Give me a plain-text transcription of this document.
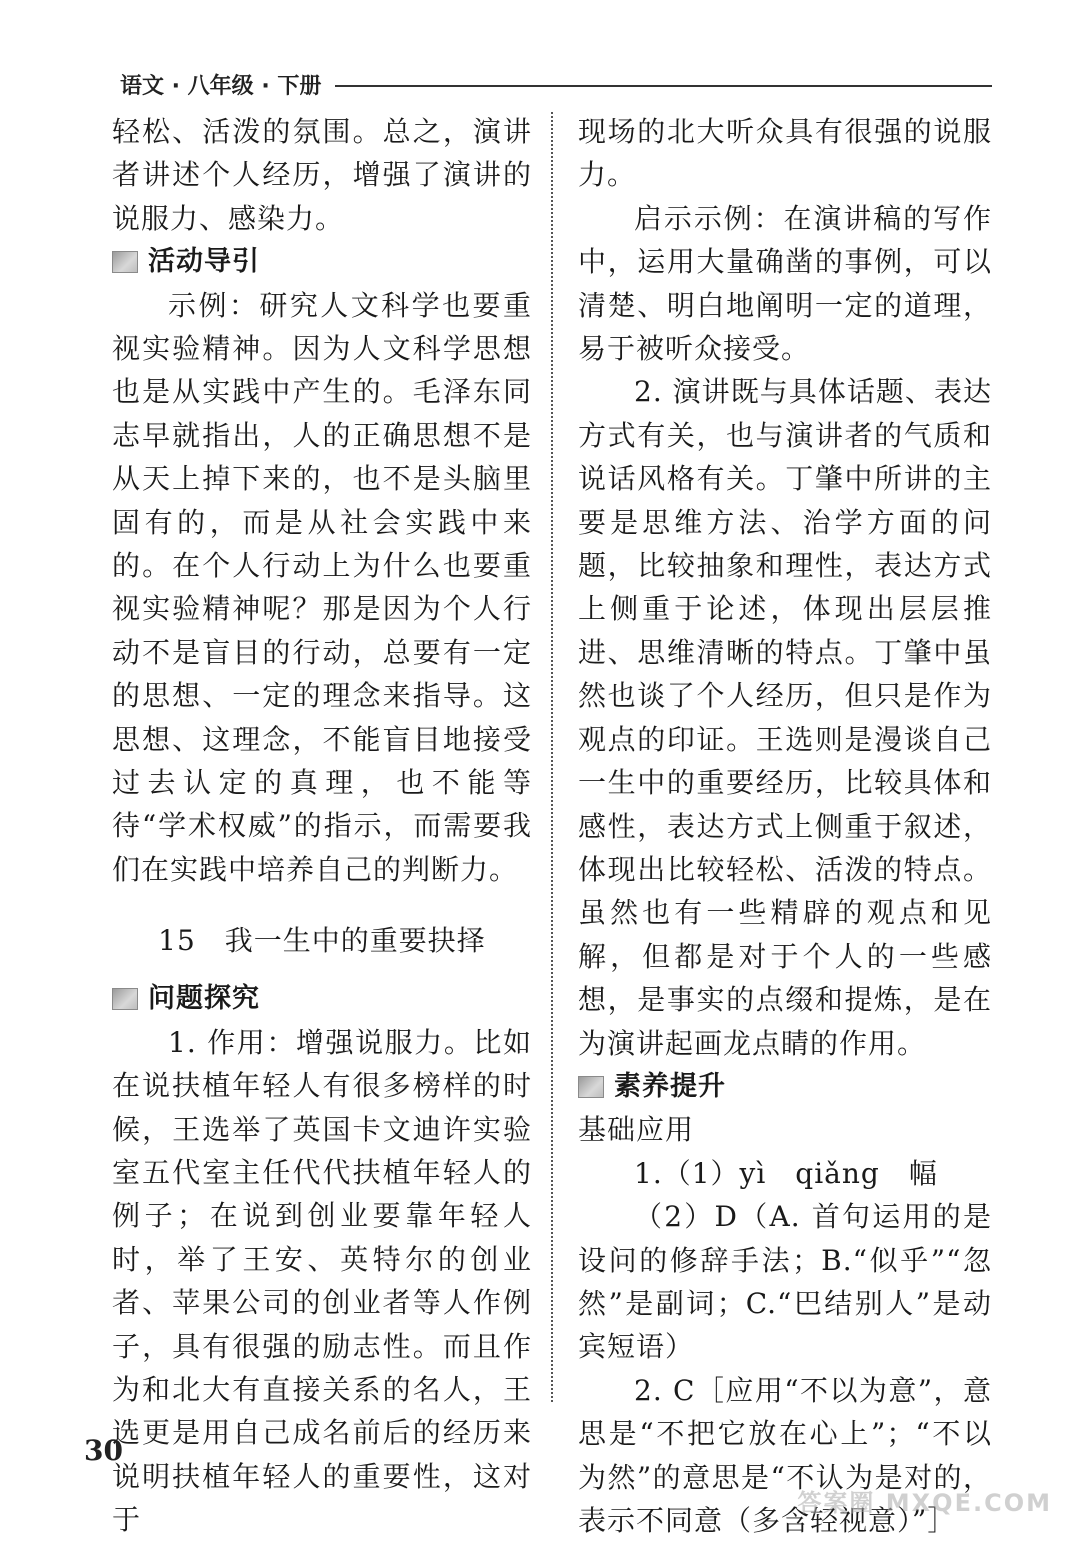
语文 · 八年级 · 下册

轻松、活泼的氛围。总之，演讲者讲述个人经历，增强了演讲的说服力、感染力。

活动导引

示例：研究人文科学也要重视实验精神。因为人文科学思想也是从实践中产生的。毛泽东同志早就指出，人的正确思想不是从天上掉下来的，也不是头脑里固有的，而是从社会实践中来的。在个人行动上为什么也要重视实验精神呢？那是因为个人行动不是盲目的行动，总要有一定的思想、一定的理念来指导。这思想、这理念，不能盲目地接受过去认定的真理，也不能等待“学术权威”的指示，而需要我们在实践中培养自己的判断力。

15　我一生中的重要抉择
问题探究

1. 作用：增强说服力。比如在说扶植年轻人有很多榜样的时候，王选举了英国卡文迪许实验室五代室主任代代扶植年轻人的例子；在说到创业要靠年轻人时，举了王安、英特尔的创业者、苹果公司的创业者等人作例子，具有很强的励志性。而且作为和北大有直接关系的名人，王选更是用自己成名前后的经历来说明扶植年轻人的重要性，这对于

现场的北大听众具有很强的说服力。

启示示例：在演讲稿的写作中，运用大量确凿的事例，可以清楚、明白地阐明一定的道理，易于被听众接受。

2. 演讲既与具体话题、表达方式有关，也与演讲者的气质和说话风格有关。丁肇中所讲的主要是思维方法、治学方面的问题，比较抽象和理性，表达方式上侧重于论述，体现出层层推进、思维清晰的特点。丁肇中虽然也谈了个人经历，但只是作为观点的印证。王选则是漫谈自己一生中的重要经历，比较具体和感性，表达方式上侧重于叙述，体现出比较轻松、活泼的特点。虽然也有一些精辟的观点和见解，但都是对于个人的一些感想，是事实的点缀和提炼，是在为演讲起画龙点睛的作用。

素养提升

基础应用

1.（1）yì　qiǎng　幅

（2）D（A. 首句运用的是设问的修辞手法；B.“似乎”“忽然”是副词；C.“巴结别人”是动宾短语）

2. C［应用“不以为意”，意思是“不把它放在心上”；“不以为然”的意思是“不认为是对的，表示不同意（多含轻视意）”］

30
答案圈 MXQE.COM
